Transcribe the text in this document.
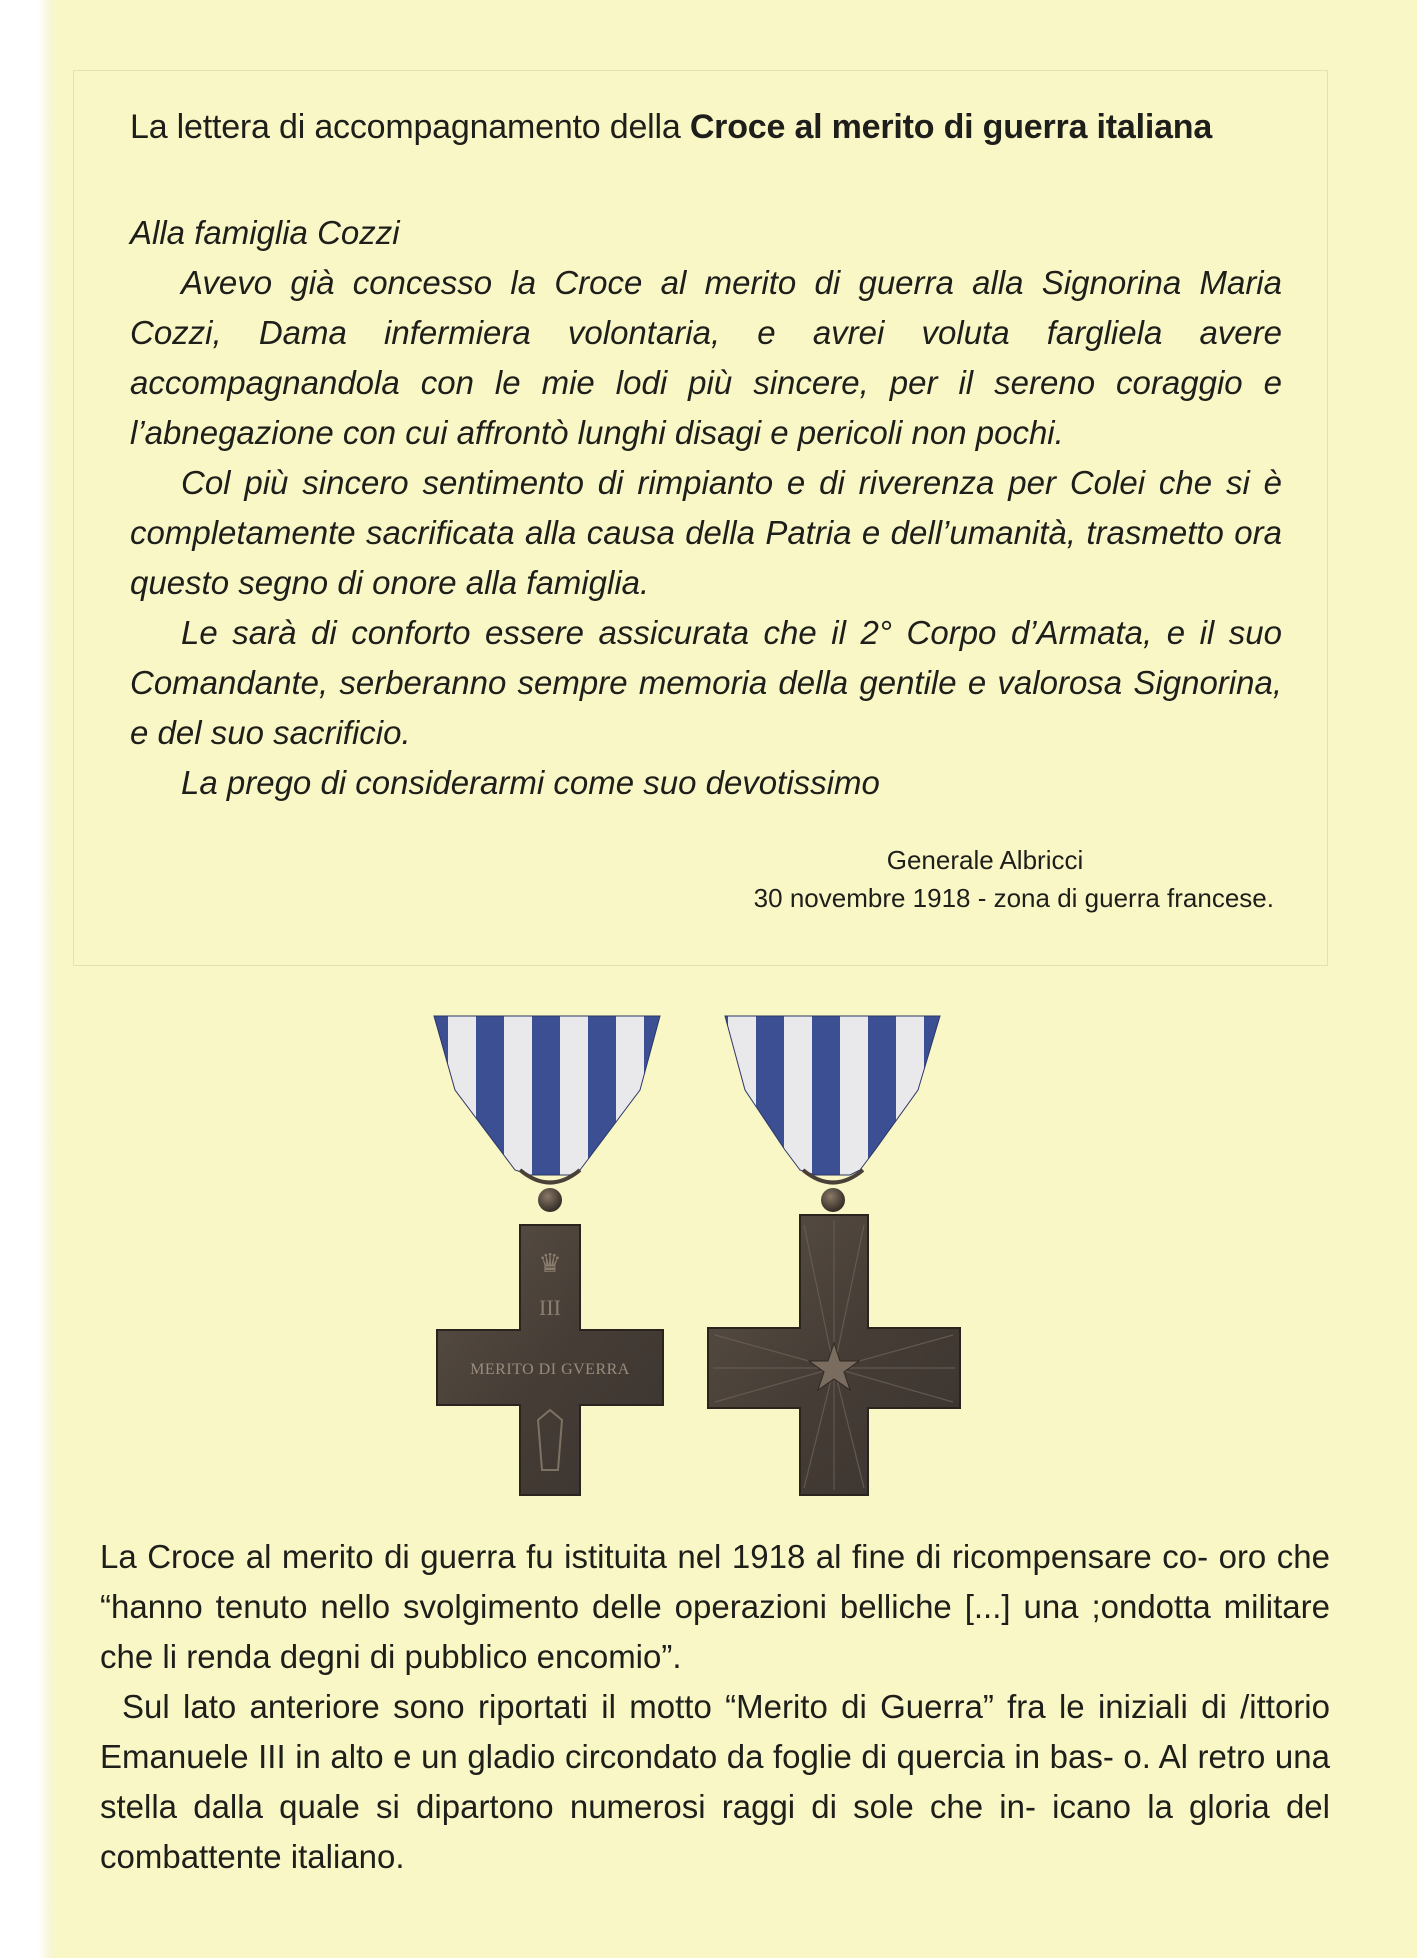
La lettera di accompagnamento della Croce al merito di guerra italiana

Alla famiglia Cozzi

Avevo già concesso la Croce al merito di guerra alla Signorina Maria Cozzi, Dama infermiera volontaria, e avrei voluta fargliela avere accompagnandola con le mie lodi più sincere, per il sereno coraggio e l’abnegazione con cui affrontò lunghi disagi e pericoli non pochi.

Col più sincero sentimento di rimpianto e di riverenza per Colei che si è completamente sacrificata alla causa della Patria e dell’umanità, trasmetto ora questo segno di onore alla famiglia.

Le sarà di conforto essere assicurata che il 2° Corpo d’Armata, e il suo Comandante, serberanno sempre memoria della gentile e valorosa Signorina, e del suo sacrificio.

La prego di considerarmi come suo devotissimo

Generale Albricci
30 novembre 1918 - zona di guerra francese.
♛
III
MERITO DI GVERRA

La Croce al merito di guerra fu istituita nel 1918 al fine di ricompensare co- oro che “hanno tenuto nello svolgimento delle operazioni belliche [...] una ;ondotta militare che li renda degni di pubblico encomio”.

Sul lato anteriore sono riportati il motto “Merito di Guerra” fra le iniziali di /ittorio Emanuele III in alto e un gladio circondato da foglie di quercia in bas- o. Al retro una stella dalla quale si dipartono numerosi raggi di sole che in- icano la gloria del combattente italiano.
